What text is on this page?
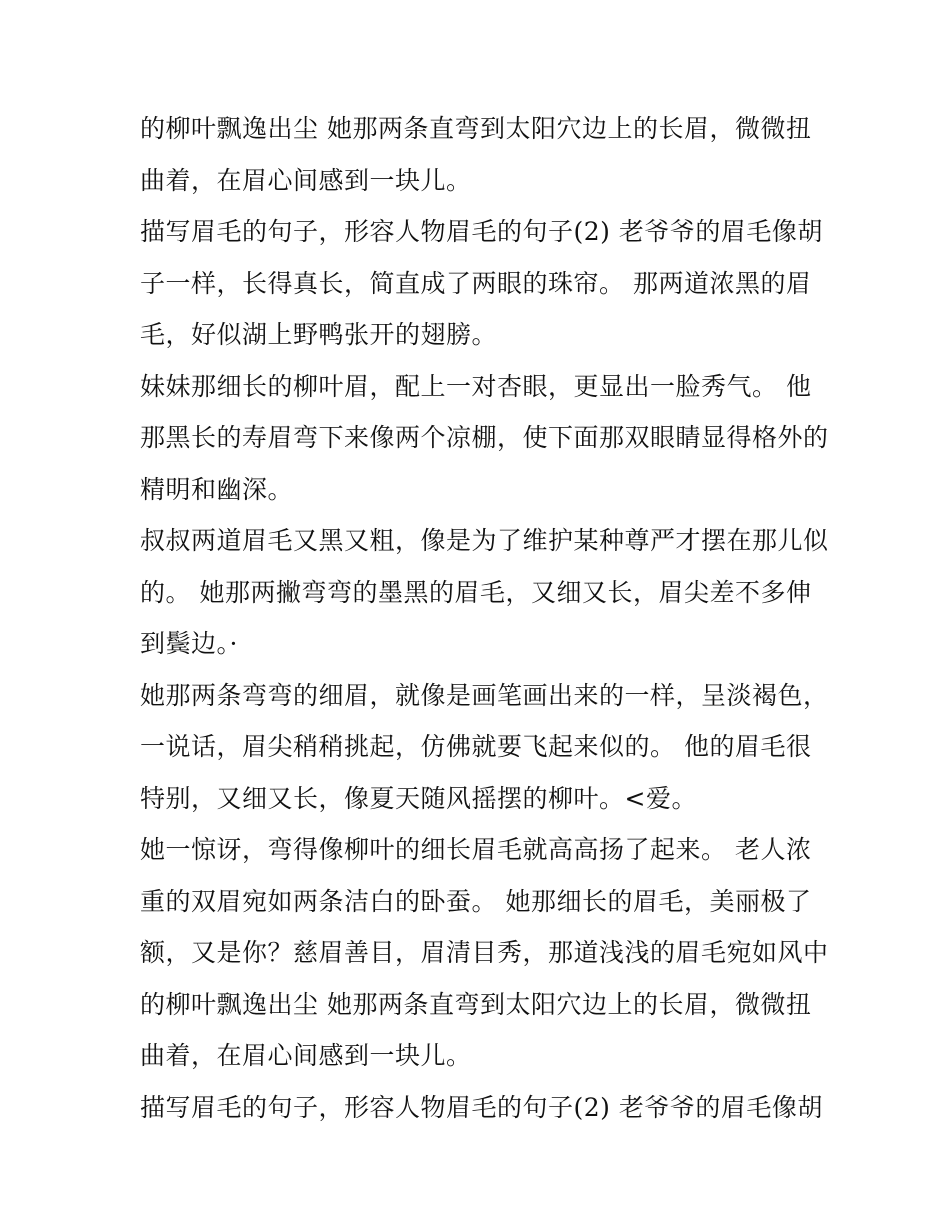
的柳叶飘逸出尘 她那两条直弯到太阳穴边上的长眉，微微扭
曲着，在眉心间感到一块儿。

描写眉毛的句子，形容人物眉毛的句子(2) 老爷爷的眉毛像胡
子一样，长得真长，简直成了两眼的珠帘。 那两道浓黑的眉
毛，好似湖上野鸭张开的翅膀。

妹妹那细长的柳叶眉，配上一对杏眼，更显出一脸秀气。 他
那黑长的寿眉弯下来像两个凉棚，使下面那双眼睛显得格外的
精明和幽深。

叔叔两道眉毛又黑又粗，像是为了维护某种尊严才摆在那儿似
的。 她那两撇弯弯的墨黑的眉毛，又细又长，眉尖差不多伸
到鬓边。·

她那两条弯弯的细眉，就像是画笔画出来的一样，呈淡褐色，
一说话，眉尖稍稍挑起，仿佛就要飞起来似的。 他的眉毛很
特别，又细又长，像夏天随风摇摆的柳叶。<爱。

她一惊讶，弯得像柳叶的细长眉毛就高高扬了起来。 老人浓
重的双眉宛如两条洁白的卧蚕。 她那细长的眉毛，美丽极了
额，又是你？慈眉善目，眉清目秀，那道浅浅的眉毛宛如风中
的柳叶飘逸出尘 她那两条直弯到太阳穴边上的长眉，微微扭
曲着，在眉心间感到一块儿。

描写眉毛的句子，形容人物眉毛的句子(2) 老爷爷的眉毛像胡
